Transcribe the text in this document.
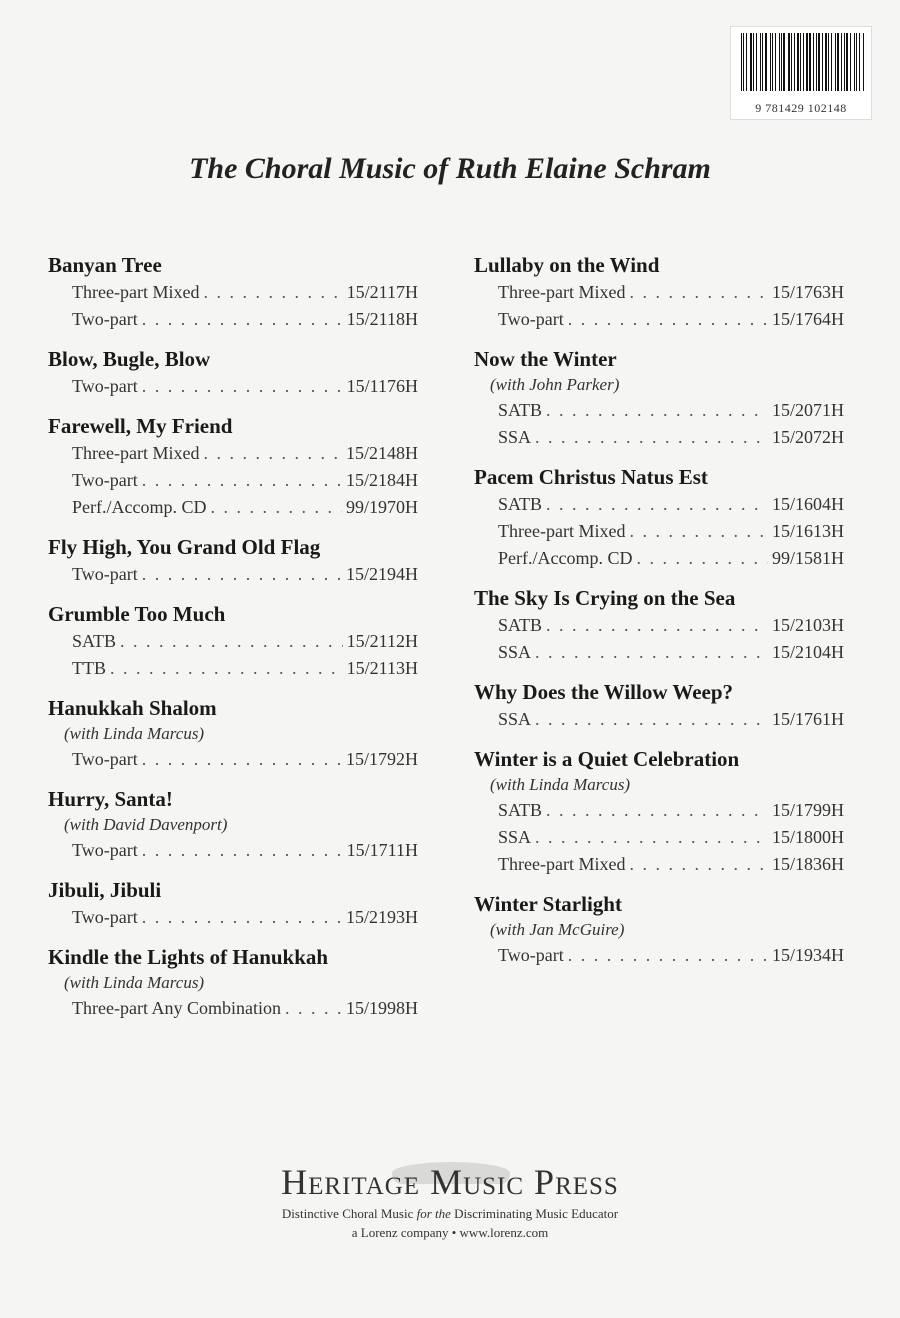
9 781429 102148
The Choral Music of Ruth Elaine Schram
Banyan Tree
Three-part Mixed . . .	15/2117H
Two-part . . .	15/2118H
Blow, Bugle, Blow
Two-part . . .	15/1176H
Farewell, My Friend
Three-part Mixed . . .	15/2148H
Two-part . . .	15/2184H
Perf./Accomp. CD . . .	99/1970H
Fly High, You Grand Old Flag
Two-part . . .	15/2194H
Grumble Too Much
SATB . . .	15/2112H
TTB . . .	15/2113H
Hanukkah Shalom
(with Linda Marcus)
Two-part . . .	15/1792H
Hurry, Santa!
(with David Davenport)
Two-part . . .	15/1711H
Jibuli, Jibuli
Two-part . . .	15/2193H
Kindle the Lights of Hanukkah
(with Linda Marcus)
Three-part Any Combination . . .	15/1998H
Lullaby on the Wind
Three-part Mixed . . .	15/1763H
Two-part . . .	15/1764H
Now the Winter
(with John Parker)
SATB . . .	15/2071H
SSA . . .	15/2072H
Pacem Christus Natus Est
SATB . . .	15/1604H
Three-part Mixed . . .	15/1613H
Perf./Accomp. CD . . .	99/1581H
The Sky Is Crying on the Sea
SATB . . .	15/2103H
SSA . . .	15/2104H
Why Does the Willow Weep?
SSA . . .	15/1761H
Winter is a Quiet Celebration
(with Linda Marcus)
SATB . . .	15/1799H
SSA . . .	15/1800H
Three-part Mixed . . .	15/1836H
Winter Starlight
(with Jan McGuire)
Two-part . . .	15/1934H
Heritage Music Press
Distinctive Choral Music for the Discriminating Music Educator
a Lorenz company • www.lorenz.com
